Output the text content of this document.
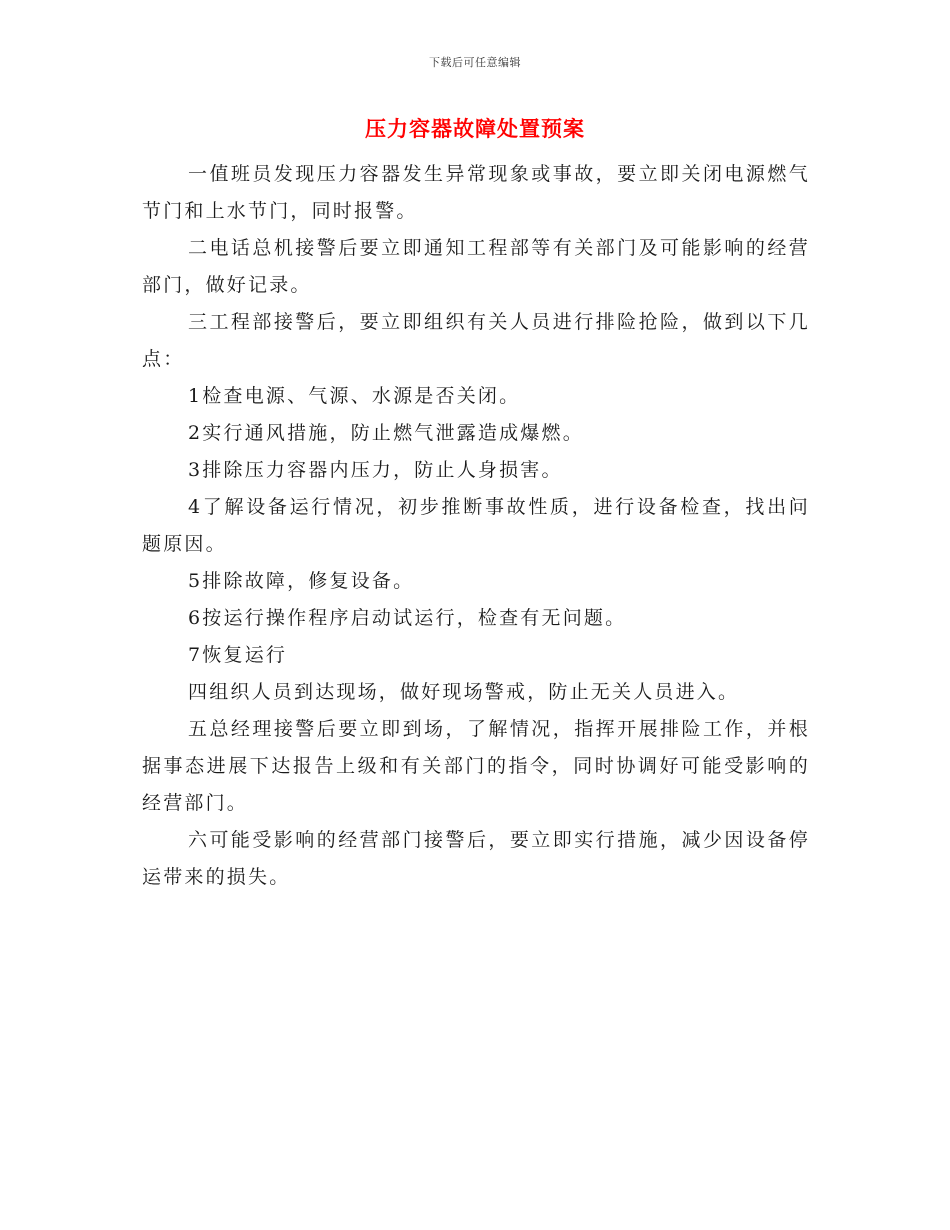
下载后可任意编辑
压力容器故障处置预案

一值班员发现压力容器发生异常现象或事故，要立即关闭电源燃气节门和上水节门，同时报警。

二电话总机接警后要立即通知工程部等有关部门及可能影响的经营部门，做好记录。

三工程部接警后，要立即组织有关人员进行排险抢险，做到以下几点：

1检查电源、气源、水源是否关闭。

2实行通风措施，防止燃气泄露造成爆燃。

3排除压力容器内压力，防止人身损害。

4了解设备运行情况，初步推断事故性质，进行设备检查，找出问题原因。

5排除故障，修复设备。

6按运行操作程序启动试运行，检查有无问题。

7恢复运行

四组织人员到达现场，做好现场警戒，防止无关人员进入。

五总经理接警后要立即到场，了解情况，指挥开展排险工作，并根据事态进展下达报告上级和有关部门的指令，同时协调好可能受影响的经营部门。

六可能受影响的经营部门接警后，要立即实行措施，减少因设备停运带来的损失。
